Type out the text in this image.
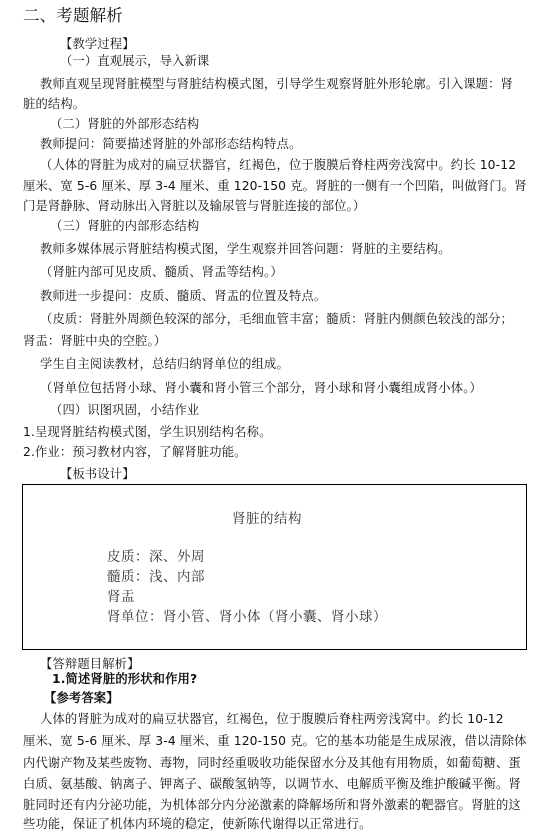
二、考题解析
【教学过程】
（一）直观展示，导入新课
教师直观呈现肾脏模型与肾脏结构模式图，引导学生观察肾脏外形轮廓。引入课题：肾
脏的结构。
（二）肾脏的外部形态结构
教师提问：简要描述肾脏的外部形态结构特点。
（人体的肾脏为成对的扁豆状器官，红褐色，位于腹膜后脊柱两旁浅窝中。约长 10-12
厘米、宽 5-6 厘米、厚 3-4 厘米、重 120-150 克。肾脏的一侧有一个凹陷，叫做肾门。肾
门是肾静脉、肾动脉出入肾脏以及输尿管与肾脏连接的部位。）
（三）肾脏的内部形态结构
教师多媒体展示肾脏结构模式图，学生观察并回答问题：肾脏的主要结构。
（肾脏内部可见皮质、髓质、肾盂等结构。）
教师进一步提问：皮质、髓质、肾盂的位置及特点。
（皮质：肾脏外周颜色较深的部分，毛细血管丰富；髓质：肾脏内侧颜色较浅的部分；
肾盂：肾脏中央的空腔。）
学生自主阅读教材，总结归纳肾单位的组成。
（肾单位包括肾小球、肾小囊和肾小管三个部分，肾小球和肾小囊组成肾小体。）
（四）识图巩固，小结作业
1.呈现肾脏结构模式图，学生识别结构名称。
2.作业：预习教材内容，了解肾脏功能。
【板书设计】
肾脏的结构
皮质：深、外周
髓质：浅、内部
肾盂
肾单位：肾小管、肾小体（肾小囊、肾小球）
【答辩题目解析】
1.简述肾脏的形状和作用?
【参考答案】
人体的肾脏为成对的扁豆状器官，红褐色，位于腹膜后脊柱两旁浅窝中。约长 10-12
厘米、宽 5-6 厘米、厚 3-4 厘米、重 120-150 克。它的基本功能是生成尿液，借以清除体
内代谢产物及某些废物、毒物，同时经重吸收功能保留水分及其他有用物质，如葡萄糖、蛋
白质、氨基酸、钠离子、钾离子、碳酸氢钠等，以调节水、电解质平衡及维护酸碱平衡。肾
脏同时还有内分泌功能，为机体部分内分泌激素的降解场所和肾外激素的靶器官。肾脏的这
些功能，保证了机体内环境的稳定，使新陈代谢得以正常进行。
